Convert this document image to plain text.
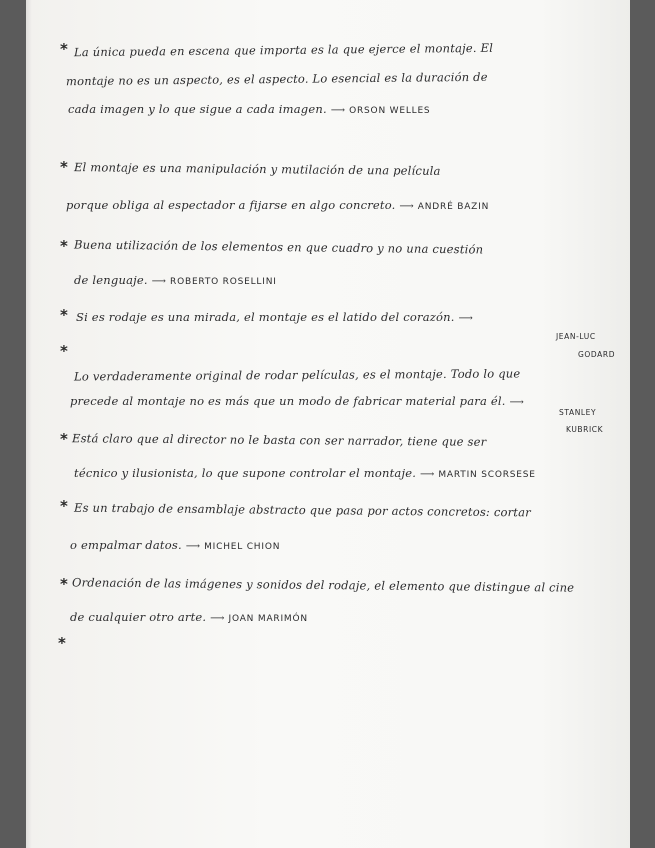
* La única pueda en escena que importa es la que ejerce el montaje. El
montaje no es un aspecto, es el aspecto. Lo esencial es la duración de
cada imagen y lo que sigue a cada imagen. ⟶ ORSON WELLES
* El montaje es una manipulación y mutilación de una película
porque obliga al espectador a fijarse en algo concreto. ⟶ ANDRÉ BAZIN
* Buena utilización de los elementos en que cuadro y no una cuestión
de lenguaje. ⟶ ROBERTO ROSELLINI
* Si es rodaje es una mirada, el montaje es el latido del corazón. ⟶
JEAN-LUC
GODARD
*
Lo verdaderamente original de rodar películas, es el montaje. Todo lo que
precede al montaje no es más que un modo de fabricar material para él. ⟶
STANLEY
KUBRICK
* Está claro que al director no le basta con ser narrador, tiene que ser
técnico y ilusionista, lo que supone controlar el montaje. ⟶ MARTIN SCORSESE
* Es un trabajo de ensamblaje abstracto que pasa por actos concretos: cortar
o empalmar datos. ⟶ MICHEL CHION
* Ordenación de las imágenes y sonidos del rodaje, el elemento que distingue al cine
de cualquier otro arte. ⟶ JOAN MARIMÓN
*
